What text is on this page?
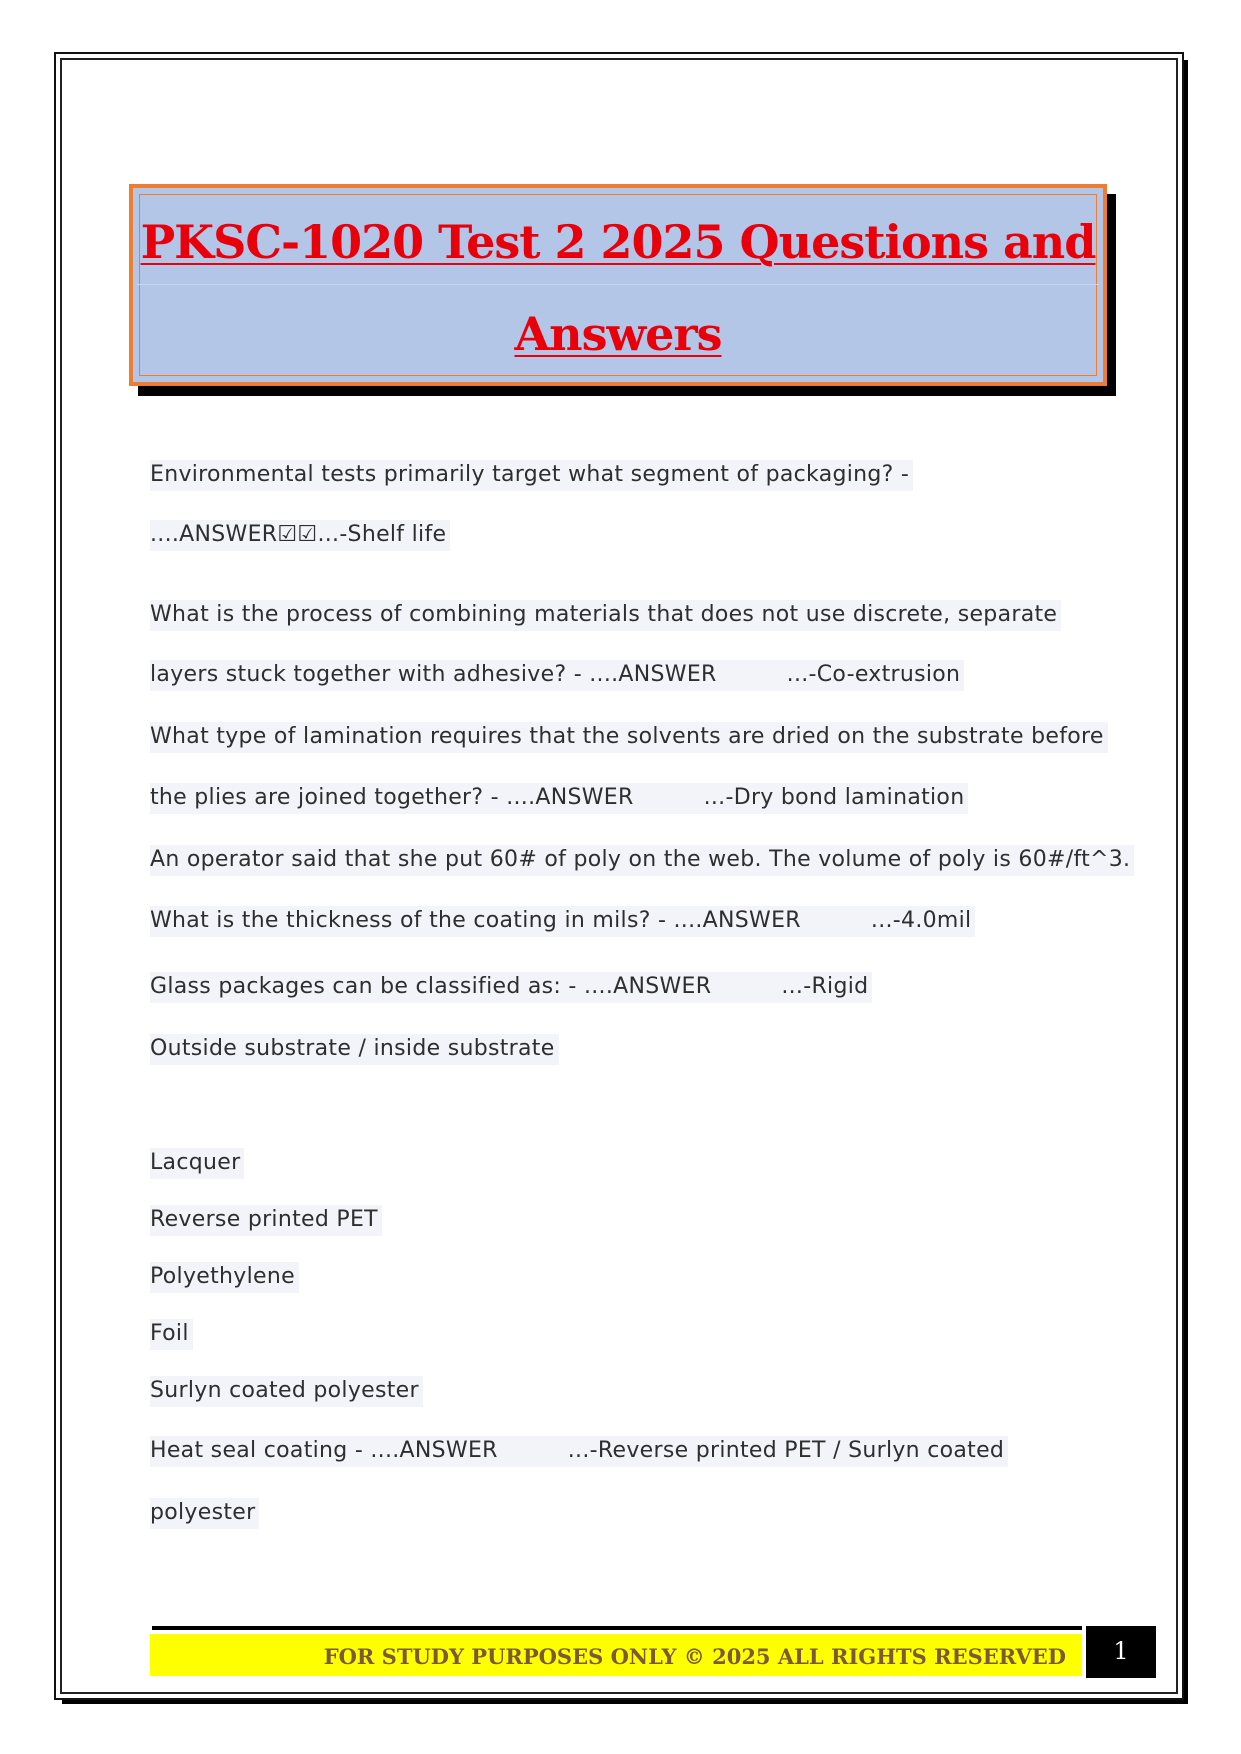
PKSC-1020 Test 2 2025 Questions and
Answers
Environmental tests primarily target what segment of packaging? -
....ANSWER☑☑...-Shelf life
What is the process of combining materials that does not use discrete, separate
layers stuck together with adhesive? - ....ANSWER	...-Co-extrusion
What type of lamination requires that the solvents are dried on the substrate before
the plies are joined together? - ....ANSWER	...-Dry bond lamination
An operator said that she put 60# of poly on the web. The volume of poly is 60#/ft^3.
What is the thickness of the coating in mils? - ....ANSWER	...-4.0mil
Glass packages can be classified as: - ....ANSWER	...-Rigid
Outside substrate / inside substrate
Lacquer
Reverse printed PET
Polyethylene
Foil
Surlyn coated polyester
Heat seal coating - ....ANSWER	...-Reverse printed PET / Surlyn coated
polyester
FOR STUDY PURPOSES ONLY © 2025 ALL RIGHTS RESERVED	1
